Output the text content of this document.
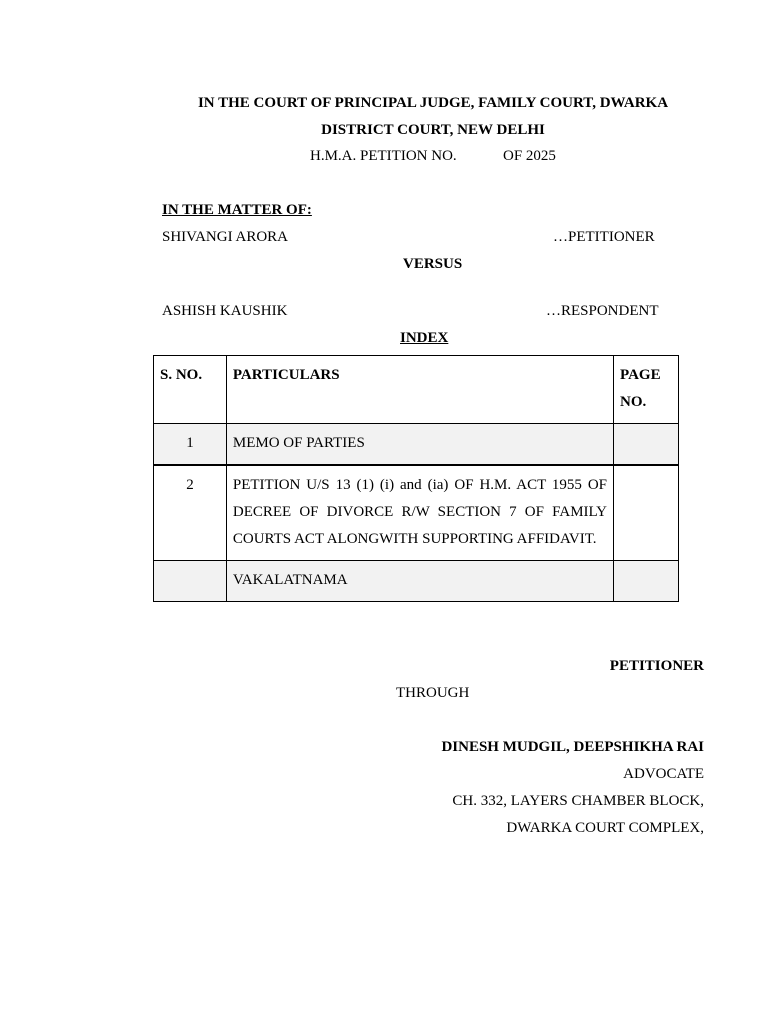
IN THE COURT OF PRINCIPAL JUDGE, FAMILY COURT, DWARKA
DISTRICT COURT, NEW DELHI
H.M.A. PETITION NO.	OF 2025
IN THE MATTER OF:
SHIVANGI ARORA	…PETITIONER
VERSUS
ASHISH KAUSHIK	…RESPONDENT
INDEX
S. NO.	PARTICULARS	PAGE NO.
1	MEMO OF PARTIES	
2	PETITION U/S 13 (1) (i) and (ia) OF H.M. ACT 1955 OF DECREE OF DIVORCE R/W SECTION 7 OF FAMILY COURTS ACT ALONGWITH SUPPORTING AFFIDAVIT.	
	VAKALATNAMA	
PETITIONER
THROUGH
DINESH MUDGIL, DEEPSHIKHA RAI
ADVOCATE
CH. 332, LAYERS CHAMBER BLOCK,
DWARKA COURT COMPLEX,
